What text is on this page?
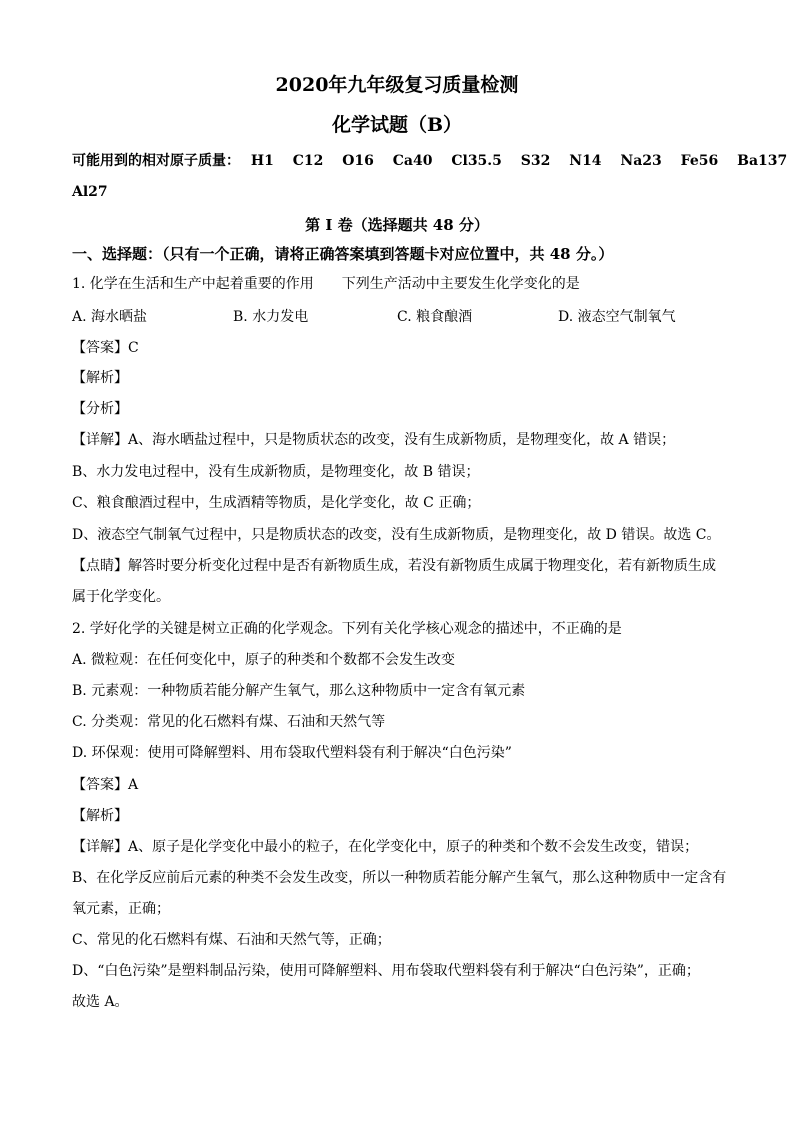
2020年九年级复习质量检测
化学试题（B）
可能用到的相对原子质量： H1 C12 O16 Ca40 Cl35.5 S32 N14 Na23 Fe56 Ba137
Al27
第 I 卷（选择题共 48 分）
一、选择题：（只有一个正确，请将正确答案填到答题卡对应位置中，共 48 分。）
1. 化学在生活和生产中起着重要的作用　　下列生产活动中主要发生化学变化的是
A. 海水晒盐	B. 水力发电	C. 粮食酿酒	D. 液态空气制氧气
【答案】C
【解析】
【分析】
【详解】A、海水晒盐过程中，只是物质状态的改变，没有生成新物质，是物理变化，故 A 错误；
B、水力发电过程中，没有生成新物质，是物理变化，故 B 错误；
C、粮食酿酒过程中，生成酒精等物质，是化学变化，故 C 正确；
D、液态空气制氧气过程中，只是物质状态的改变，没有生成新物质，是物理变化，故 D 错误。故选 C。
【点睛】解答时要分析变化过程中是否有新物质生成，若没有新物质生成属于物理变化，若有新物质生成
属于化学变化。
2. 学好化学的关键是树立正确的化学观念。下列有关化学核心观念的描述中，不正确的是
A. 微粒观：在任何变化中，原子的种类和个数都不会发生改变
B. 元素观：一种物质若能分解产生氧气，那么这种物质中一定含有氧元素
C. 分类观：常见的化石燃料有煤、石油和天然气等
D. 环保观：使用可降解塑料、用布袋取代塑料袋有利于解决“白色污染”
【答案】A
【解析】
【详解】A、原子是化学变化中最小的粒子，在化学变化中，原子的种类和个数不会发生改变，错误；
B、在化学反应前后元素的种类不会发生改变，所以一种物质若能分解产生氧气，那么这种物质中一定含有
氧元素，正确；
C、常见的化石燃料有煤、石油和天然气等，正确；
D、“白色污染”是塑料制品污染，使用可降解塑料、用布袋取代塑料袋有利于解决“白色污染”，正确；
故选 A。
